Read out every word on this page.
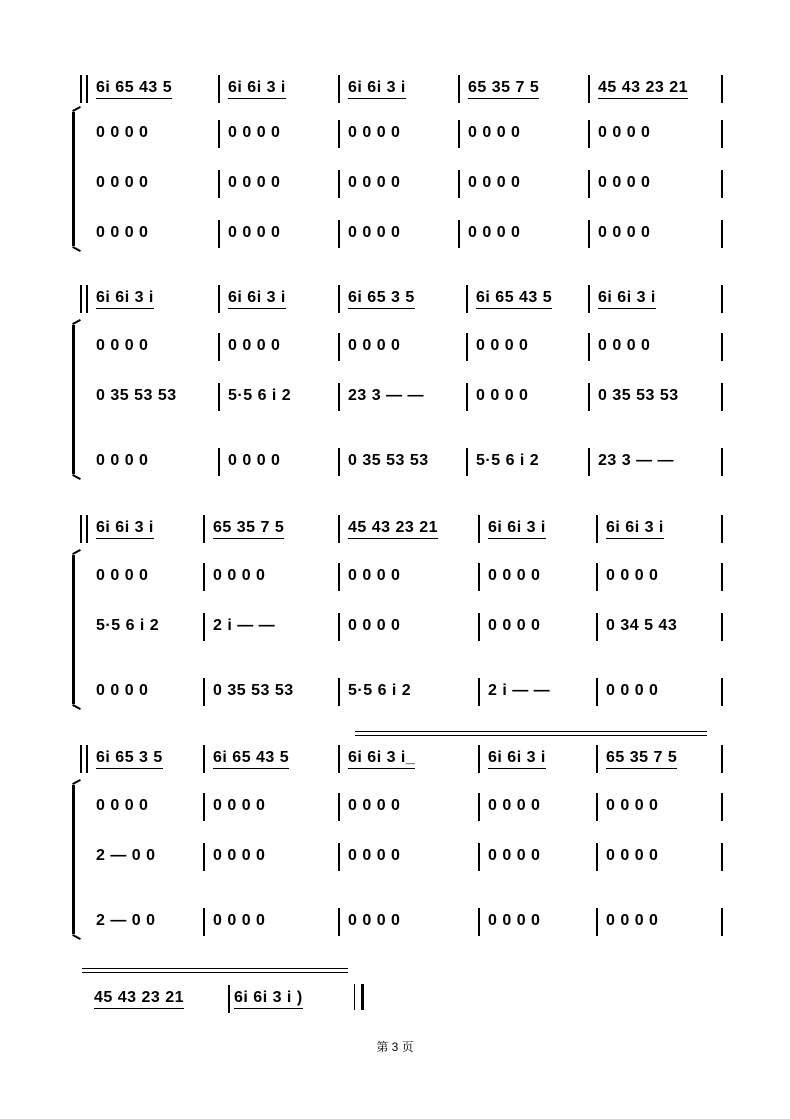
6i 65 43 5	6i 6i 3 i	6i 6i 3 i	65 35 7 5	45 43 23 21
0 0 0 0	0 0 0 0	0 0 0 0	0 0 0 0	0 0 0 0
0 0 0 0	0 0 0 0	0 0 0 0	0 0 0 0	0 0 0 0
0 0 0 0	0 0 0 0	0 0 0 0	0 0 0 0	0 0 0 0
6i 6i 3 i	6i 6i 3 i	6i 65 3 5	6i 65 43 5	6i 6i 3 i
0 0 0 0	0 0 0 0	0 0 0 0	0 0 0 0	0 0 0 0
0 35 53 53	5·5 6 i 2	23 3 — —	0 0 0 0	0 35 53 53
0 0 0 0	0 0 0 0	0 35 53 53	5·5 6 i 2	23 3 — —
6i 6i 3 i	65 35 7 5	45 43 23 21	6i 6i 3 i	6i 6i 3 i
0 0 0 0	0 0 0 0	0 0 0 0	0 0 0 0	0 0 0 0
5·5 6 i 2	2 i — —	0 0 0 0	0 0 0 0	0 34 5 43
0 0 0 0	0 35 53 53	5·5 6 i 2	2 i — —	0 0 0 0
6i 65 3 5	6i 65 43 5	6i 6i 3 i_	6i 6i 3 i	65 35 7 5
0 0 0 0	0 0 0 0	0 0 0 0	0 0 0 0	0 0 0 0
2 — 0 0	0 0 0 0	0 0 0 0	0 0 0 0	0 0 0 0
2 — 0 0	0 0 0 0	0 0 0 0	0 0 0 0	0 0 0 0
45 43 23 21	6i 6i 3 i )
第 3 页
